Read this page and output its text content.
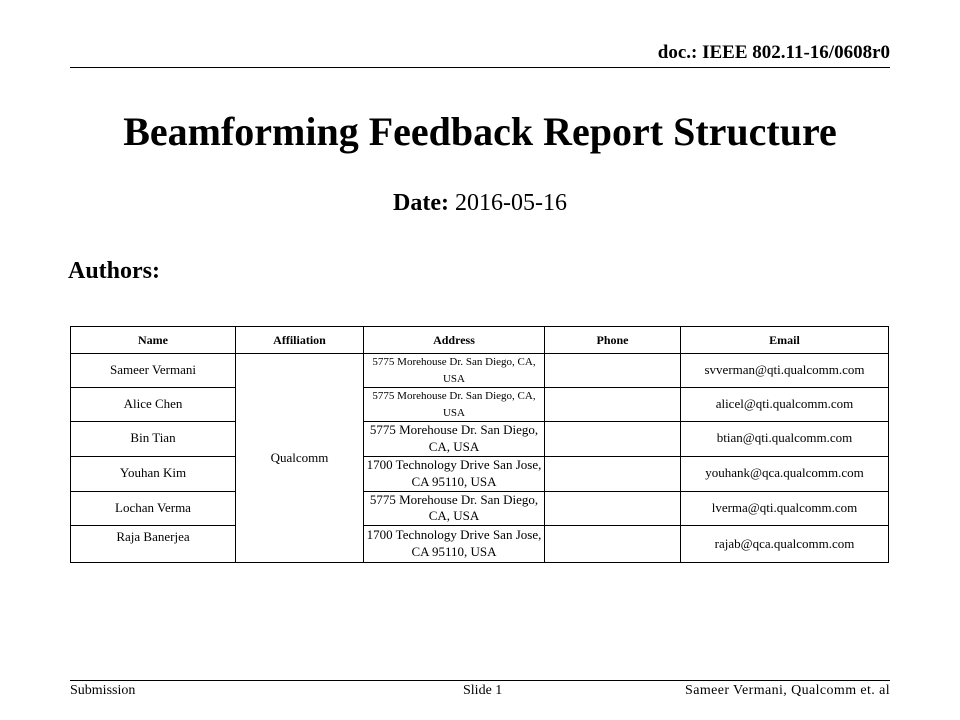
doc.: IEEE 802.11-16/0608r0
Beamforming Feedback Report Structure
Date: 2016-05-16
Authors:
Name	Affiliation	Address	Phone	Email
Sameer Vermani	Qualcomm	5775 Morehouse Dr. San Diego, CA, USA		svverman@qti.qualcomm.com
Alice Chen		5775 Morehouse Dr. San Diego, CA, USA		alicel@qti.qualcomm.com
Bin Tian		5775 Morehouse Dr. San Diego, CA, USA		btian@qti.qualcomm.com
Youhan Kim		1700 Technology Drive San Jose, CA 95110, USA		youhank@qca.qualcomm.com
Lochan Verma		5775 Morehouse Dr. San Diego, CA, USA		lverma@qti.qualcomm.com
Raja Banerjea		1700 Technology Drive San Jose, CA 95110, USA		rajab@qca.qualcomm.com
Submission	Slide 1	Sameer Vermani, Qualcomm et. al
